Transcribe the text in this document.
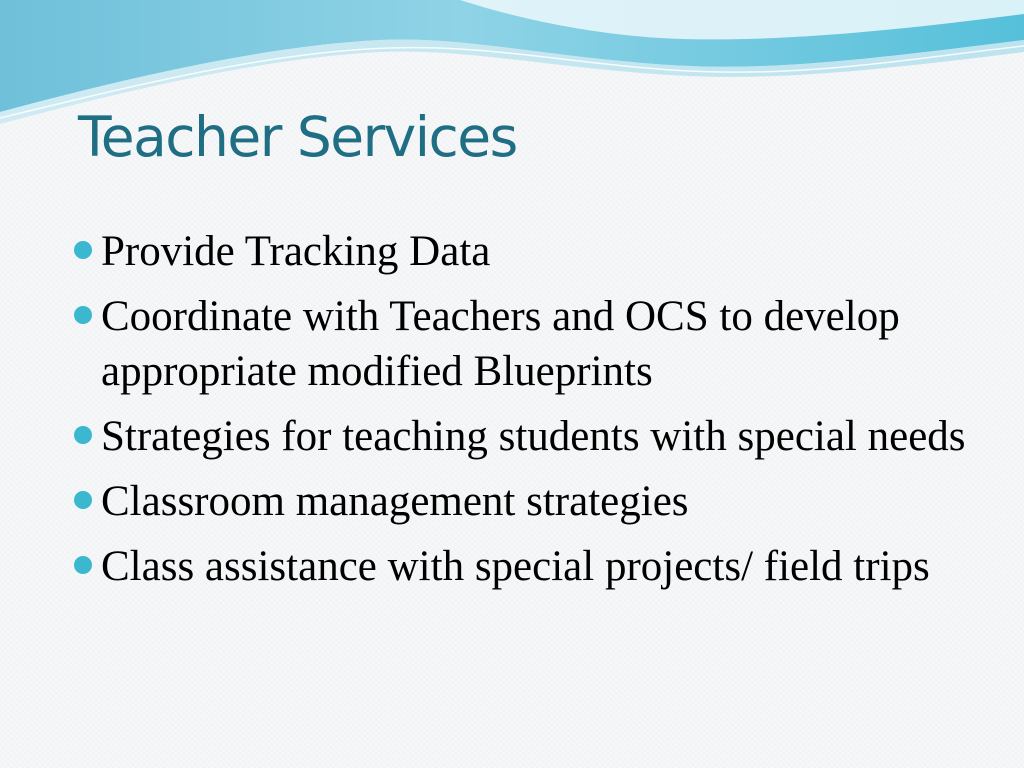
Teacher Services
Provide Tracking Data
Coordinate with Teachers and OCS to develop appropriate modified Blueprints
Strategies for teaching students with special needs
Classroom management strategies
Class assistance with special projects/ field trips
